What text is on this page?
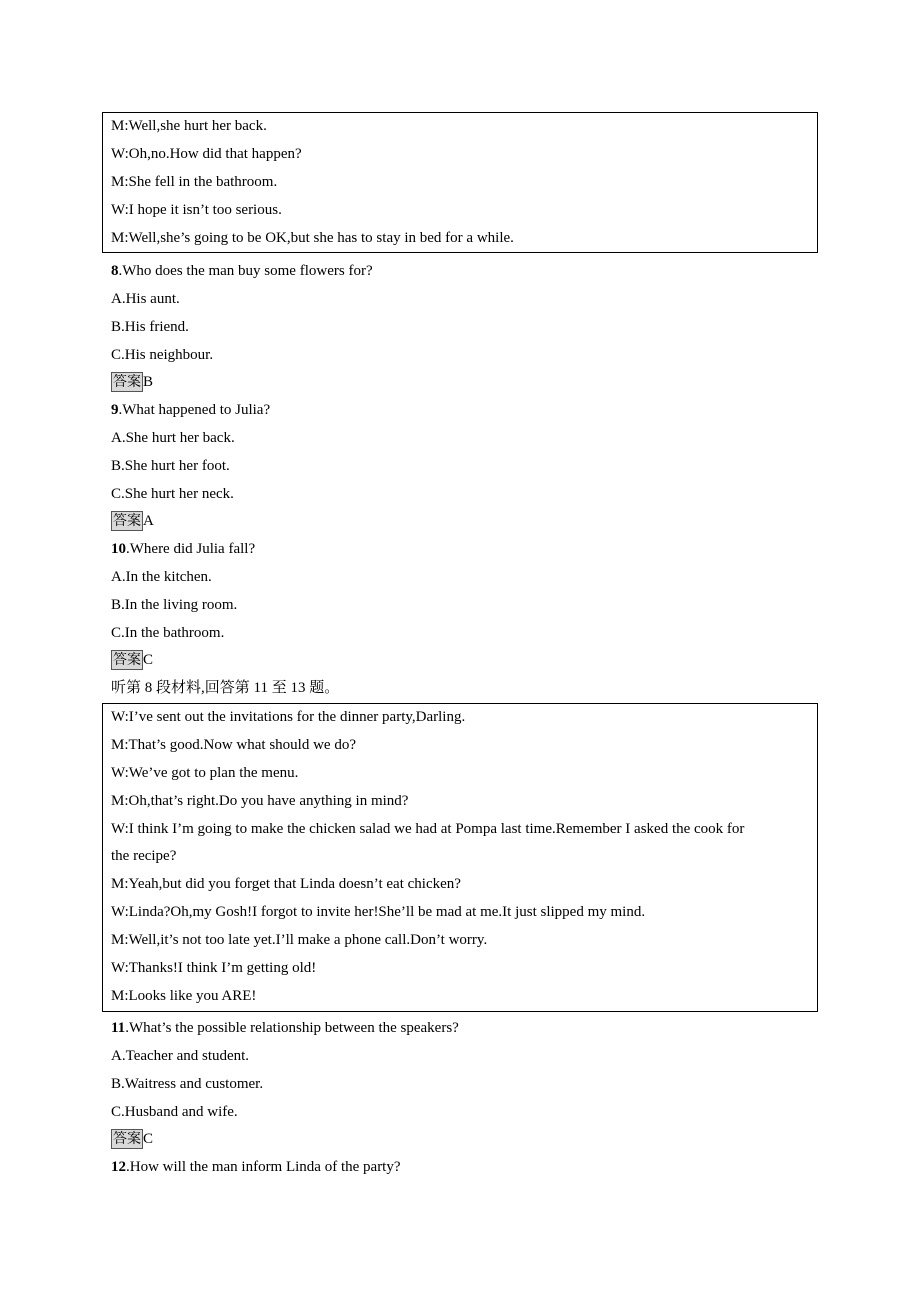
M:Well,she hurt her back.
W:Oh,no.How did that happen?
M:She fell in the bathroom.
W:I hope it isn’t too serious.
M:Well,she’s going to be OK,but she has to stay in bed for a while.
8.Who does the man buy some flowers for?
A.His aunt.
B.His friend.
C.His neighbour.
答案 B
9.What happened to Julia?
A.She hurt her back.
B.She hurt her foot.
C.She hurt her neck.
答案 A
10.Where did Julia fall?
A.In the kitchen.
B.In the living room.
C.In the bathroom.
答案 C
听第 8 段材料,回答第 11 至 13 题。
W:I’ve sent out the invitations for the dinner party,Darling.
M:That’s good.Now what should we do?
W:We’ve got to plan the menu.
M:Oh,that’s right.Do you have anything in mind?
W:I think I’m going to make the chicken salad we had at Pompa last time.Remember I asked the cook for
the recipe?
M:Yeah,but did you forget that Linda doesn’t eat chicken?
W:Linda?Oh,my Gosh!I forgot to invite her!She’ll be mad at me.It just slipped my mind.
M:Well,it’s not too late yet.I’ll make a phone call.Don’t worry.
W:Thanks!I think I’m getting old!
M:Looks like you ARE!
11.What’s the possible relationship between the speakers?
A.Teacher and student.
B.Waitress and customer.
C.Husband and wife.
答案 C
12.How will the man inform Linda of the party?
